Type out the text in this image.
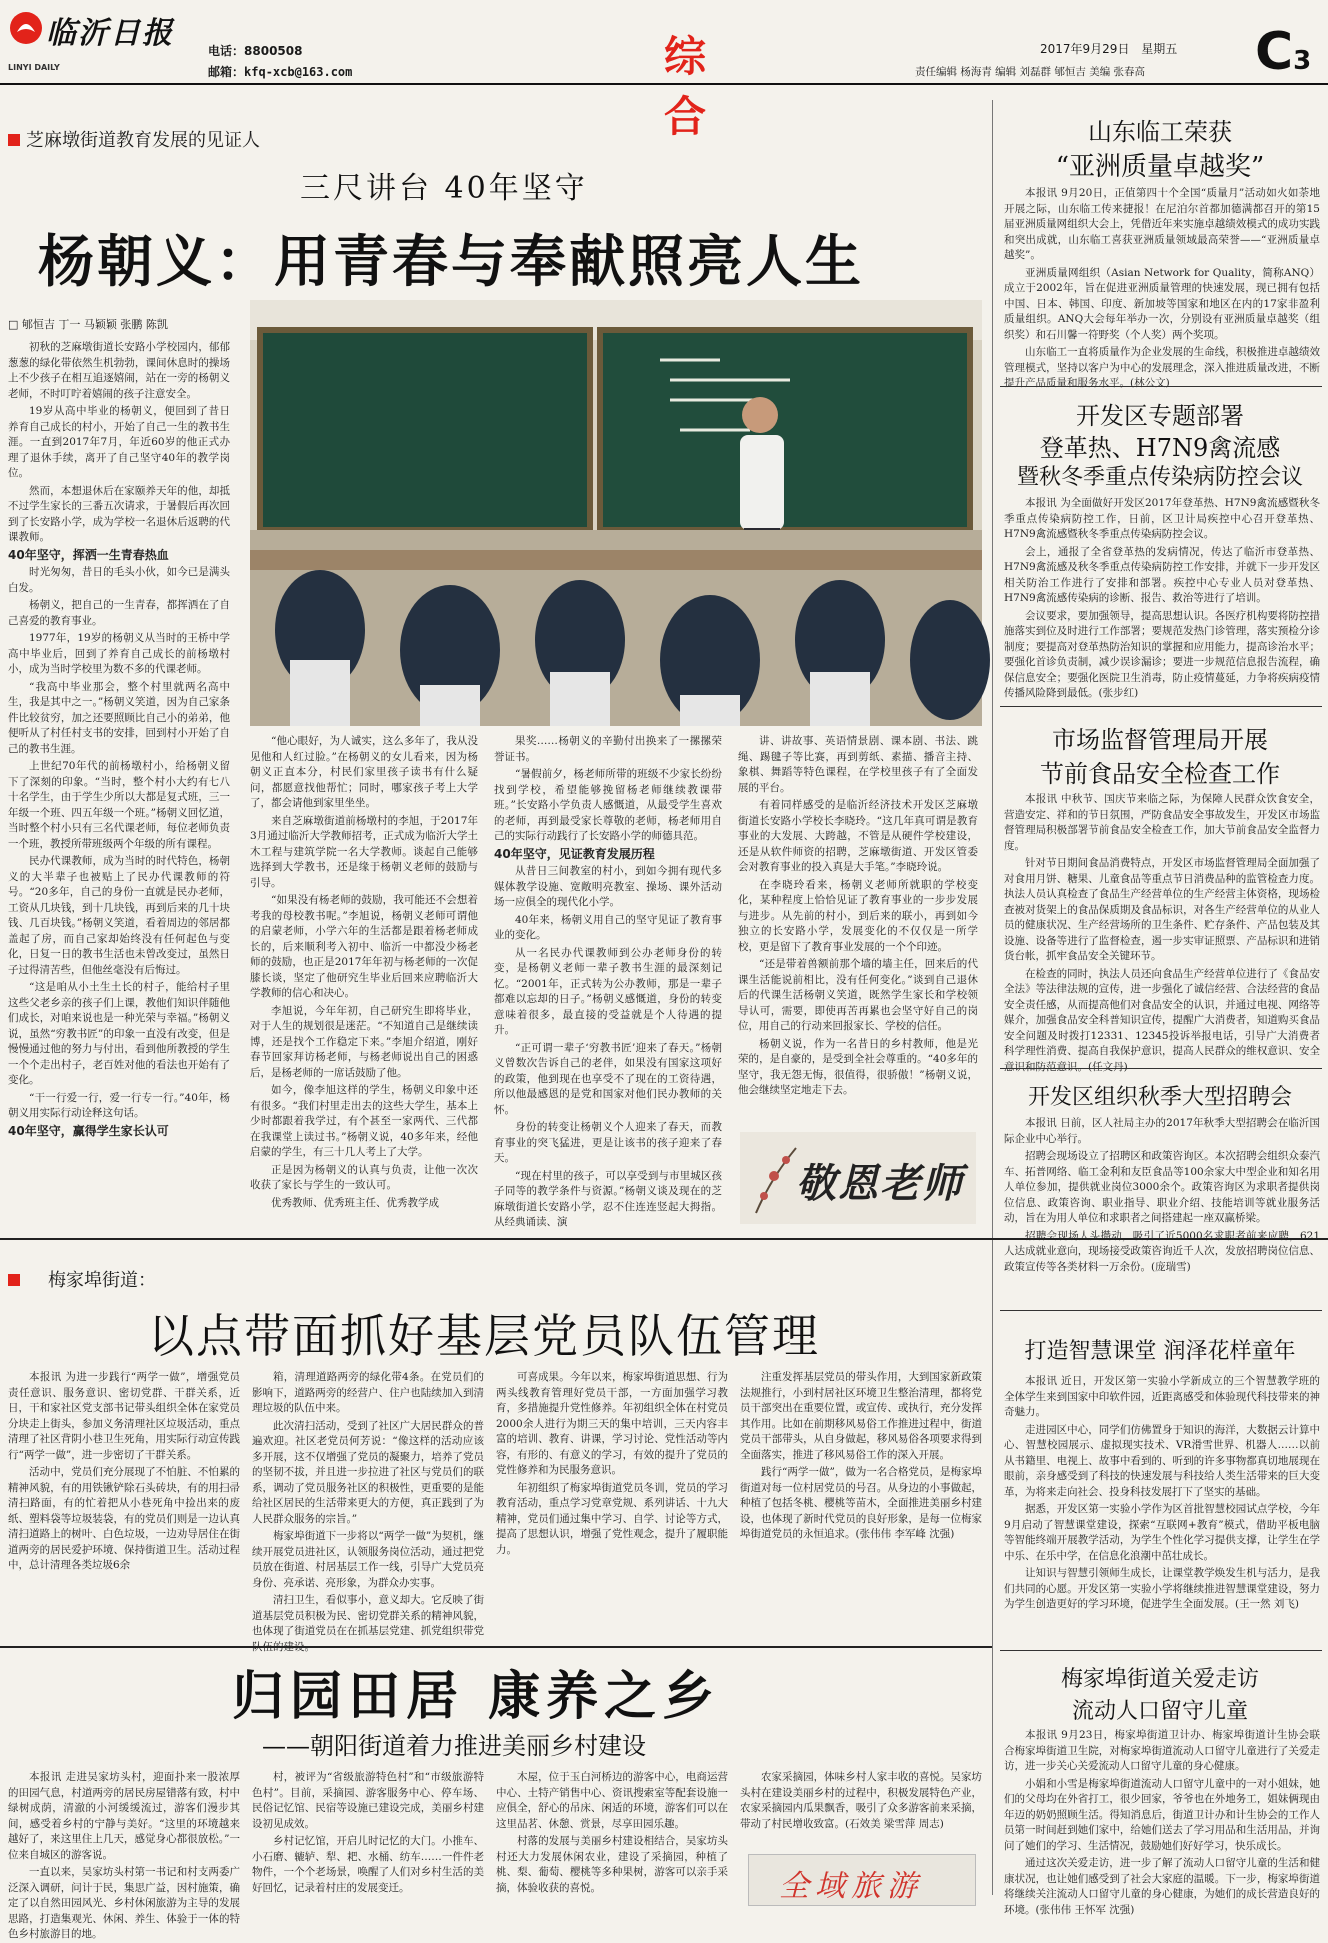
临沂日报
LINYI DAILY
电话：8800508
邮箱：kfq-xcb@163.com	综 合
2017年9月29日 星期五 C3
责任编辑 杨海青 编辑 刘磊群 郇恒吉 美编 张春高
芝麻墩街道教育发展的见证人
三尺讲台 40年坚守
杨朝义：用青春与奉献照亮人生
□ 郇恒吉 丁一 马颖颖 张鹏 陈凯

初秋的芝麻墩街道长安路小学校园内，郁郁葱葱的绿化带依然生机勃勃，课间休息时的操场上不少孩子在相互追逐嬉闹，站在一旁的杨朝义老师，不时叮咛着嬉闹的孩子注意安全。

19岁从高中毕业的杨朝义，便回到了昔日养育自己成长的村小，开始了自己一生的教书生涯。一直到2017年7月，年近60岁的他正式办理了退休手续，离开了自己坚守40年的教学岗位。

然而，本想退休后在家颐养天年的他，却抵不过学生家长的三番五次请求，于暑假后再次回到了长安路小学，成为学校一名退休后返聘的代课教师。

40年坚守，挥洒一生青春热血

时光匆匆，昔日的毛头小伙，如今已是满头白发。

杨朝义，把自己的一生青春，都挥洒在了自己喜爱的教育事业。

1977年，19岁的杨朝义从当时的王桥中学高中毕业后，回到了养育自己成长的前杨墩村小，成为当时学校里为数不多的代课老师。

“我高中毕业那会，整个村里就两名高中生，我是其中之一。”杨朝义笑道，因为自己家条件比较贫穷，加之还要照顾比自己小的弟弟，他便听从了村任村支书的安排，回到村小开始了自己的教书生涯。

上世纪70年代的前杨墩村小，给杨朝义留下了深刻的印象。“当时，整个村小大约有七八十名学生，由于学生少所以大都是复式班，三一年级一个班、四五年级一个班。”杨朝义回忆道，当时整个村小只有三名代课老师，每位老师负责一个班，教授所带班级两个年级的所有课程。

民办代课教师，成为当时的时代特色，杨朝义的大半辈子也被贴上了民办代课教师的符号。“20多年，自己的身份一直就是民办老师，工资从几块钱，到十几块钱，再到后来的几十块钱、几百块钱。”杨朝义笑道，看着周边的邻居都盖起了房，而自己家却始终没有任何起色与变化，日复一日的教书生活也未曾改变过，虽然日子过得清苦些，但他丝毫没有后悔过。

“这是咱从小土生土长的村子，能给村子里这些父老乡亲的孩子们上课，教他们知识伴随他们成长，对咱来说也是一种光荣与幸福。”杨朝义说，虽然“穷教书匠”的印象一直没有改变，但是慢慢通过他的努力与付出，看到他所教授的学生一个个走出村子，老百姓对他的看法也开始有了变化。

“干一行爱一行，爱一行专一行。”40年，杨朝义用实际行动诠释这句话。

40年坚守，赢得学生家长认可

“他心眼好，为人诚实，这么多年了，我从没见他和人红过脸。”在杨朝义的女儿看来，因为杨朝义正直本分，村民们家里孩子读书有什么疑问，都愿意找他帮忙；同时，哪家孩子考上大学了，都会请他到家里坐坐。

来自芝麻墩街道前杨墩村的李旭，于2017年3月通过临沂大学教师招考，正式成为临沂大学土木工程与建筑学院一名大学教师。谈起自己能够选择到大学教书，还是缘于杨朝义老师的鼓励与引导。

“如果没有杨老师的鼓励，我可能还不会想着考我的母校教书呢。”李旭说，杨朝义老师可谓他的启蒙老师，小学六年的生活都是跟着杨老师成长的，后来顺利考入初中、临沂一中都没少杨老师的鼓励，也正是2017年年初与杨老师的一次促膝长谈，坚定了他研究生毕业后回来应聘临沂大学教师的信心和决心。

李旭说，今年年初，自己研究生即将毕业，对于人生的规划很是迷茫。“不知道自己是继续读博，还是找个工作稳定下来。”李旭介绍道，刚好春节回家拜访杨老师，与杨老师说出自己的困惑后，是杨老师的一席话鼓励了他。

如今，像李旭这样的学生，杨朝义印象中还有很多。“我们村里走出去的这些大学生，基本上少时都跟着我学过，有个甚至一家两代、三代都在我课堂上读过书。”杨朝义说，40多年来，经他启蒙的学生，有三十几人考上了大学。

正是因为杨朝义的认真与负责，让他一次次收获了家长与学生的一致认可。

优秀教师、优秀班主任、优秀教学成

果奖……杨朝义的辛勤付出换来了一摞摞荣誉证书。

“暑假前夕，杨老师所带的班级不少家长纷纷找到学校，希望能够挽留杨老师继续教课带班。”长安路小学负责人感慨道，从最受学生喜欢的老师，再到最受家长尊敬的老师，杨老师用自己的实际行动践行了长安路小学的师德具范。

40年坚守，见证教育发展历程

从昔日三间教室的村小，到如今拥有现代多媒体教学设施、宽敞明亮教室、操场、课外活动场一应俱全的现代化小学。

40年来，杨朝义用自己的坚守见证了教育事业的变化。

从一名民办代课教师到公办老师身份的转变，是杨朝义老师一辈子教书生涯的最深刻记忆。“2001年，正式转为公办教师，那是一辈子都难以忘却的日子。”杨朝义感慨道，身份的转变意味着很多，最直接的受益就是个人待遇的提升。

“正可谓一辈子‘穷教书匠’迎来了春天。”杨朝义曾数次告诉自己的老伴，如果没有国家这项好的政策，他到现在也享受不了现在的工资待遇，所以他最感恩的是党和国家对他们民办教师的关怀。

身份的转变让杨朝义个人迎来了春天，而教育事业的突飞猛进，更是让该书的孩子迎来了春天。

“现在村里的孩子，可以享受到与市里城区孩子同等的教学条件与资源。”杨朝义谈及现在的芝麻墩街道长安路小学，忍不住连连竖起大拇指。从经典诵读、演

讲、讲故事、英语情景剧、课本剧、书法、跳绳、踢毽子等比赛，再到剪纸、素描、播音主持、象棋、舞蹈等特色课程，在学校里孩子有了全面发展的平台。

有着同样感受的是临沂经济技术开发区芝麻墩街道长安路小学校长李晓玲。“这几年真可谓是教育事业的大发展、大跨越，不管是从硬件学校建设，还是从软件师资的招聘，芝麻墩街道、开发区管委会对教育事业的投入真是大手笔。”李晓玲说。

在李晓玲看来，杨朝义老师所就职的学校变化，某种程度上恰恰见证了教育事业的一步步发展与进步。从先前的村小，到后来的联小，再到如今独立的长安路小学，发展变化的不仅仅是一所学校，更是留下了教育事业发展的一个个印迹。

“还是带着兽额前那个墙的墙主任，回来后的代课生活能说前相比，没有任何变化。”谈到自己退休后的代课生活杨朝义笑道，既然学生家长和学校领导认可，需要，即使再苦再累也会坚守好自己的岗位，用自己的行动来回报家长、学校的信任。

杨朝义说，作为一名昔日的乡村教师，他是光荣的，是自豪的，是受到全社会尊重的。“40多年的坚守，我无怨无悔，很值得，很骄傲！”杨朝义说，他会继续坚定地走下去。

敬恩老师
山东临工荣获
“亚洲质量卓越奖”

本报讯 9月20日，正值第四十个全国“质量月”活动如火如荼地开展之际，山东临工传来捷报！在尼泊尔首都加德满都召开的第15届亚洲质量网组织大会上，凭借近年来实施卓越绩效模式的成功实践和突出成就，山东临工喜获亚洲质量领域最高荣誉——“亚洲质量卓越奖”。

亚洲质量网组织（Asian Network for Quality，简称ANQ）成立于2002年，旨在促进亚洲质量管理的快速发展，现已拥有包括中国、日本、韩国、印度、新加坡等国家和地区在内的17家非盈利质量组织。ANQ大会每年举办一次，分别设有亚洲质量卓越奖（组织奖）和石川馨一符野奖（个人奖）两个奖项。

山东临工一直将质量作为企业发展的生命线，积极推进卓越绩效管理模式，坚持以客户为中心的发展理念，深入推进质量改进，不断提升产品质量和服务水平。(林公文)

开发区专题部署
登革热、H7N9禽流感
暨秋冬季重点传染病防控会议

本报讯 为全面做好开发区2017年登革热、H7N9禽流感暨秋冬季重点传染病防控工作，日前，区卫计局疾控中心召开登革热、H7N9禽流感暨秋冬季重点传染病防控会议。

会上，通报了全省登革热的发病情况，传达了临沂市登革热、H7N9禽流感及秋冬季重点传染病防控工作安排，并就下一步开发区相关防治工作进行了安排和部署。疾控中心专业人员对登革热、H7N9禽流感传染病的诊断、报告、救治等进行了培训。

会议要求，要加强领导，提高思想认识。各医疗机构要将防控措施落实到位及时进行工作部署；要规范发热门诊管理，落实预检分诊制度；要提高对登革热防治知识的掌握和应用能力，提高诊治水平；要强化首诊负责制，减少误诊漏诊；要进一步规范信息报告流程，确保信息安全；要强化医院卫生消毒，防止疫情蔓延，力争将疾病疫情传播风险降到最低。(张步红)

市场监督管理局开展
节前食品安全检查工作

本报讯 中秋节、国庆节来临之际，为保障人民群众饮食安全，营造安定、祥和的节日氛围，严防食品安全事故发生，开发区市场监督管理局积极部署节前食品安全检查工作，加大节前食品安全监督力度。

针对节日期间食品消费特点，开发区市场监督管理局全面加强了对食用月饼、糖果、儿童食品等重点节日消费品种的监管检查力度。执法人员认真检查了食品生产经营单位的生产经营主体资格，现场检查被对货架上的食品保质期及食品标识，对各生产经营单位的从业人员的健康状况、生产经营场所的卫生条件、贮存条件、产品包装及其设施、设备等进行了监督检查，遏一步实审证照票、产品标识和进销货台帐，抓牢食品安全关键环节。

在检查的同时，执法人员还向食品生产经营单位进行了《食品安全法》等法律法规的宣传，进一步强化了诚信经营、合法经营的食品安全责任感，从而提高他们对食品安全的认识，并通过电视、网络等媒介，加强食品安全科普知识宣传，提醒广大消费者，知道购买食品安全问题及时拨打12331、12345投诉举报电话，引导广大消费者科学理性消费、提高自我保护意识，提高人民群众的维权意识、安全意识和防范意识。(任文丹)

开发区组织秋季大型招聘会

本报讯 日前，区人社局主办的2017年秋季大型招聘会在临沂国际企业中心举行。

招聘会现场设立了招聘区和政策咨询区。本次招聘会组织众泰汽车、拓普网络、临工金利和友臣食品等100余家大中型企业和知名用人单位参加，提供就业岗位3000余个。政策咨询区为求职者提供岗位信息、政策咨询、职业指导、职业介绍、技能培训等就业服务活动，旨在为用人单位和求职者之间搭建起一座双赢桥梁。

招聘会现场人头攒动，吸引了近5000名求职者前来应聘，621人达成就业意向，现场接受政策咨询近千人次，发放招聘岗位信息、政策宣传等各类材料一万余份。(庞瑞雪)

梅家埠街道：
以点带面抓好基层党员队伍管理

本报讯 为进一步践行“两学一做”，增强党员责任意识、服务意识、密切党群、干群关系，近日，干和家社区党支部书记带头组织全体在家党员分块走上街头，参加义务清理社区垃圾活动，重点清理了社区背阴小巷卫生死角，用实际行动宣传践行“两学一做”，进一步密切了干群关系。

活动中，党员们充分展现了不怕脏、不怕累的精神风貌，有的用铁锹铲除石头砖块，有的用扫帚清扫路面，有的忙着把从小巷死角中捡出来的废纸、塑料袋等垃圾装袋，有的党员们则是一边认真清扫道路上的树叶、白色垃圾，一边劝导居住在街道两旁的居民爱护环境、保持街道卫生。活动过程中，总计清理各类垃圾6余

箱，清理道路两旁的绿化带4条。在党员们的影响下，道路两旁的经营户、住户也陆续加入到清理垃圾的队伍中来。

此次清扫活动，受到了社区广大居民群众的普遍欢迎。社区老党员何芳说：“像这样的活动应该多开展，这不仅增强了党员的凝聚力，培养了党员的坚韧不拔，并且进一步拉进了社区与党员们的联系，调动了党员服务社区的积极性，更重要的是能给社区居民的生活带来更大的方便，真正践到了为人民群众服务的宗旨。”

梅家埠街道下一步将以“两学一做”为契机，继续开展党员进社区，认领服务岗位活动，通过把党员放在街道、村居基层工作一线，引导广大党员亮身份、亮承诺、亮形象，为群众办实事。

清扫卫生，看似事小，意义却大。它反映了街道基层党员积极为民、密切党群关系的精神风貌，也体现了街道党员在在抓基层党建、抓党组织带党队伍的建设。

可喜成果。今年以来，梅家埠街道思想、行为两头线教育管理好党员干部，一方面加强学习教育，多措施提升党性修养。年初组织全体在村党员2000余人进行为期三天的集中培训，三天内容丰富的培训、教育、讲课，学习讨论、党性活动等内容，有形的、有意义的学习，有效的提升了党员的党性修养和为民服务意识。

年初组织了梅家埠街道党员冬训，党员的学习教育活动，重点学习党章党规、系列讲话、十九大精神，党员们通过集中学习、自学、讨论等方式，提高了思想认识，增强了党性观念，提升了履职能力。

注重发挥基层党员的带头作用，大到国家新政策法规推行，小到村居社区环境卫生整治清理，都将党员干部突出在重要位置，或宣传、或执行，充分发挥其作用。比如在前期移风易俗工作推进过程中，街道党员干部带头，从自身做起，移风易俗各项要求得到全面落实，推进了移风易俗工作的深入开展。

践行“两学一做”，做为一名合格党员，是梅家埠街道对每一位村居党员的号召。从身边的小事做起，种植了包括冬桃、樱桃等苗木，全面推进美丽乡村建设，也体现了新时代党员的良好形象，是每一位梅家埠街道党员的永恒追求。(张伟伟 李军峰 沈强)

打造智慧课堂 润泽花样童年

本报讯 近日，开发区第一实验小学新成立的三个智慧教学班的全体学生来到国家中印软件园，近距离感受和体验现代科技带来的神奇魅力。

走进园区中心，同学们仿佛置身于知识的海洋，大数据云计算中心、智慧校园展示、虚拟现实技术、VR滑雪世界、机器人……以前从书籍里、电视上、故事中看到的、听到的许多事物都真切地展现在眼前，亲身感受到了科技的快速发展与科技给人类生活带来的巨大变革，为将来走向社会、投身科技发展打下了坚实的基础。

据悉，开发区第一实验小学作为区首批智慧校园试点学校，今年9月启动了智慧课堂建设，探索“互联网+教育”模式，借助平板电脑等智能终端开展教学活动，为学生个性化学习提供支撑，让学生在学中乐、在乐中学，在信息化浪潮中茁壮成长。

让知识与智慧引领师生成长，让课堂教学焕发生机与活力，是我们共同的心愿。开发区第一实验小学将继续推进智慧课堂建设，努力为学生创造更好的学习环境，促进学生全面发展。(王一然 刘飞)

梅家埠街道关爱走访
流动人口留守儿童

本报讯 9月23日，梅家埠街道卫计办、梅家埠街道计生协会联合梅家埠街道卫生院，对梅家埠街道流动人口留守儿童进行了关爱走访，进一步关心关爱流动人口留守儿童的身心健康。

小娟和小雪是梅家埠街道流动人口留守儿童中的一对小姐妹，她们的父母均在外省打工，很少回家，爷爷也在外地务工，姐妹俩现由年迈的奶奶照顾生活。得知消息后，街道卫计办和计生协会的工作人员第一时间赶到她们家中，给她们送去了学习用品和生活用品，并询问了她们的学习、生活情况，鼓励她们好好学习，快乐成长。

通过这次关爱走访，进一步了解了流动人口留守儿童的生活和健康状况，也让她们感受到了社会大家庭的温暖。下一步，梅家埠街道将继续关注流动人口留守儿童的身心健康，为她们的成长营造良好的环境。(张伟伟 王怀军 沈强)

归园田居 康养之乡
——朝阳街道着力推进美丽乡村建设

本报讯 走进吴家坊头村，迎面扑来一股浓厚的田园气息，村道两旁的居民房屋错落有致，村中绿树成荫，清澈的小河缓缓流过，游客们漫步其间，感受着乡村的宁静与美好。“这里的环境越来越好了，来这里住上几天，感觉身心都很放松。”一位来自城区的游客说。

一直以来，吴家坊头村第一书记和村支两委广泛深入调研，问计于民，集思广益，因村施策，确定了以自然田园风光、乡村休闲旅游为主导的发展思路，打造集观光、休闲、养生、体验于一体的特色乡村旅游目的地。

村，被评为“省级旅游特色村”和“市级旅游特色村”。目前，采摘园、游客服务中心、停车场、民俗记忆馆、民宿等设施已建设完成，美丽乡村建设初见成效。

乡村记忆馆，开启儿时记忆的大门。小推车、小石磨、辘轳、犁、耙、水桶、纺车……一件件老物件，一个个老场景，唤醒了人们对乡村生活的美好回忆，记录着村庄的发展变迁。

木屋，位于玉白河桥边的游客中心，电商运营中心、土特产销售中心、资讯搜索室等配套设施一应俱全，舒心的吊床、闲适的环境，游客们可以在这里品茗、休憩、赏景，尽享田园乐趣。

村落的发展与美丽乡村建设相结合，吴家坊头村还大力发展休闲农业，建设了采摘园，种植了桃、梨、葡萄、樱桃等多种果树，游客可以亲手采摘，体验收获的喜悦。

农家采摘园，体味乡村人家丰收的喜悦。吴家坊头村在建设美丽乡村的过程中，积极发展特色产业，农家采摘园内瓜果飘香，吸引了众多游客前来采摘，带动了村民增收致富。(石效美 梁雪萍 周志)

全域旅游
